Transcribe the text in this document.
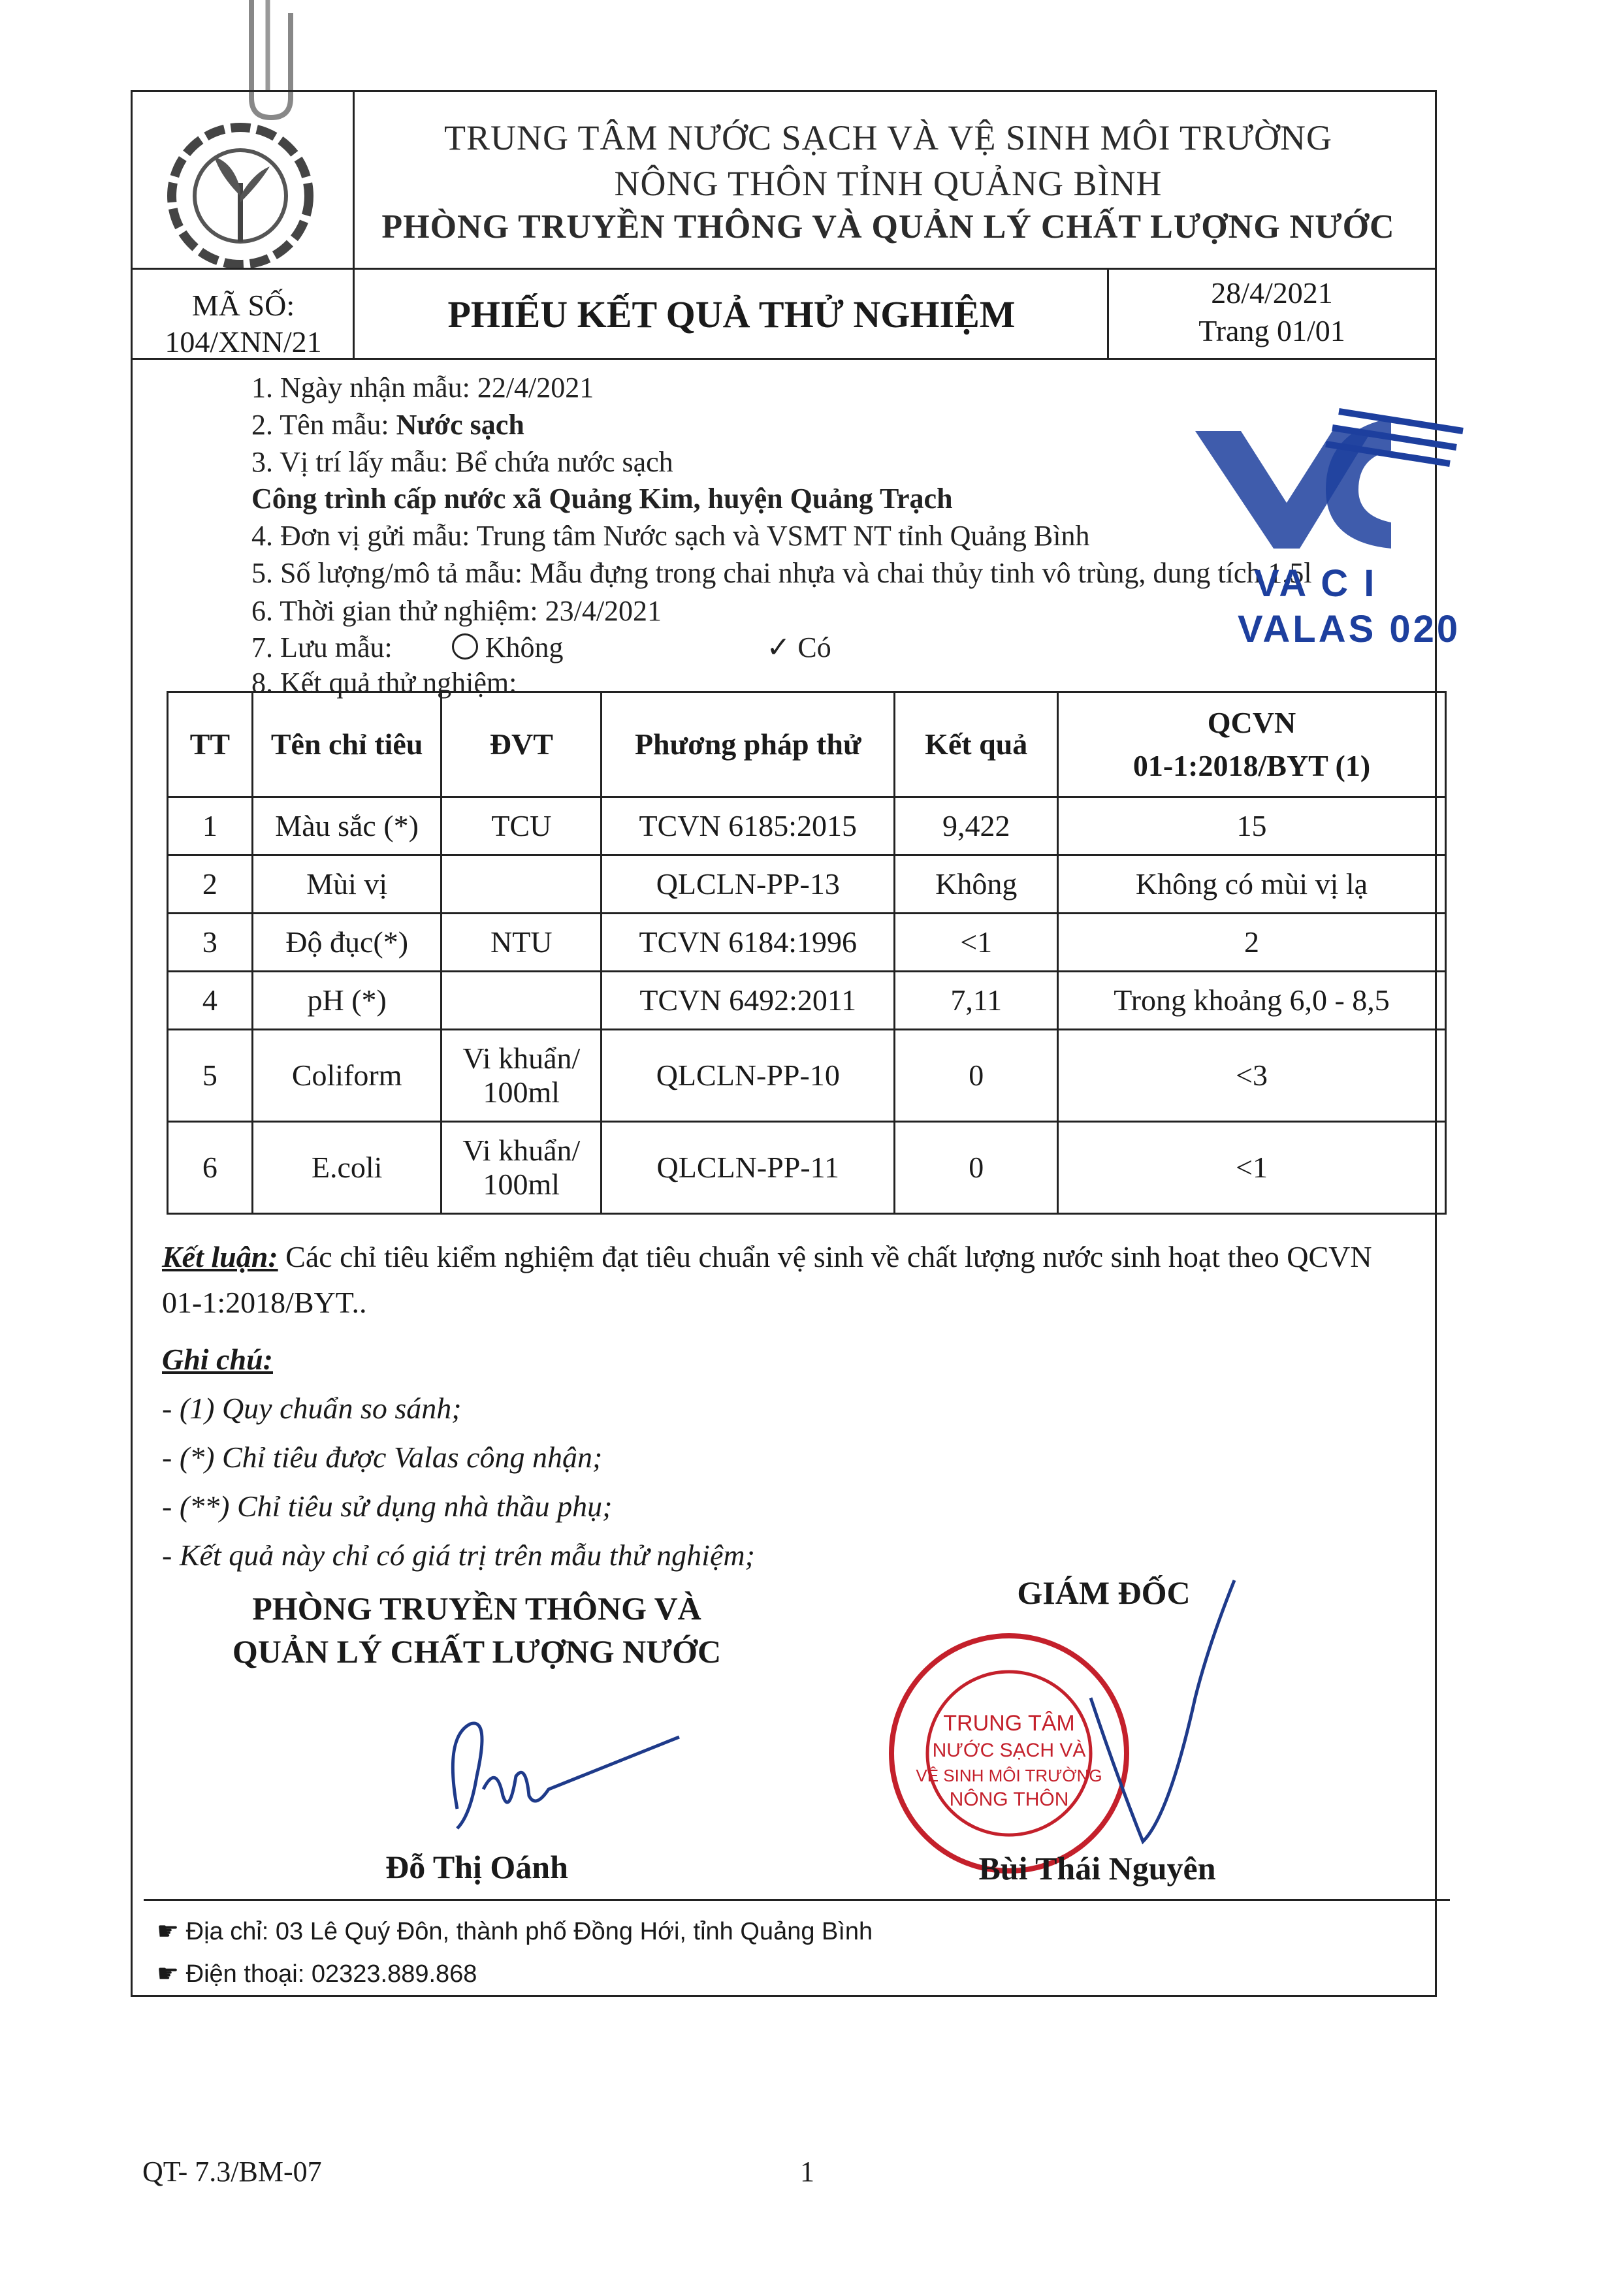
TRUNG TÂM NƯỚC SẠCH VÀ VỆ SINH MÔI TRƯỜNG
NÔNG THÔN TỈNH QUẢNG BÌNH
PHÒNG TRUYỀN THÔNG VÀ QUẢN LÝ CHẤT LƯỢNG NƯỚC
MÃ SỐ:
104/XNN/21
PHIẾU KẾT QUẢ THỬ NGHIỆM
28/4/2021
Trang 01/01
1. Ngày nhận mẫu: 22/4/2021
2. Tên mẫu: Nước sạch
3. Vị trí lấy mẫu: Bể chứa nước sạch
Công trình cấp nước xã Quảng Kim, huyện Quảng Trạch
4. Đơn vị gửi mẫu: Trung tâm Nước sạch và VSMT NT tỉnh Quảng Bình
5. Số lượng/mô tả mẫu: Mẫu đựng trong chai nhựa và chai thủy tinh vô trùng, dung tích 1,5l
6. Thời gian thử nghiệm: 23/4/2021
7. Lưu mẫu:	Không	✓ Có
8. Kết quả thử nghiệm:
VA C I
VALAS 020
TT	Tên chỉ tiêu	ĐVT	Phương pháp thử	Kết quả	QCVN
01-1:2018/BYT (1)

1	Màu sắc (*)	TCU	TCVN 6185:2015	9,422	15
2	Mùi vị		QLCLN-PP-13	Không	Không có mùi vị lạ
3	Độ đục(*)	NTU	TCVN 6184:1996	<1	2
4	pH (*)		TCVN 6492:2011	7,11	Trong khoảng 6,0 - 8,5
5	Coliform	Vi khuẩn/
100ml	QLCLN-PP-10	0	<3
6	E.coli	Vi khuẩn/
100ml	QLCLN-PP-11	0	<1
Kết luận: Các chỉ tiêu kiểm nghiệm đạt tiêu chuẩn vệ sinh về chất lượng nước sinh hoạt theo QCVN
01-1:2018/BYT..
Ghi chú:
- (1) Quy chuẩn so sánh;
- (*) Chỉ tiêu được Valas công nhận;
- (**) Chỉ tiêu sử dụng nhà thầu phụ;
- Kết quả này chỉ có giá trị trên mẫu thử nghiệm;
PHÒNG TRUYỀN THÔNG VÀ
QUẢN LÝ CHẤT LƯỢNG NƯỚC
Đỗ Thị Oánh
GIÁM ĐỐC
TRUNG TÂM
NƯỚC SẠCH VÀ
VỆ SINH MÔI TRƯỜNG
NÔNG THÔN
Bùi Thái Nguyên
☛ Địa chỉ: 03 Lê Quý Đôn, thành phố Đồng Hới, tỉnh Quảng Bình
☛ Điện thoại: 02323.889.868
QT- 7.3/BM-07	1
